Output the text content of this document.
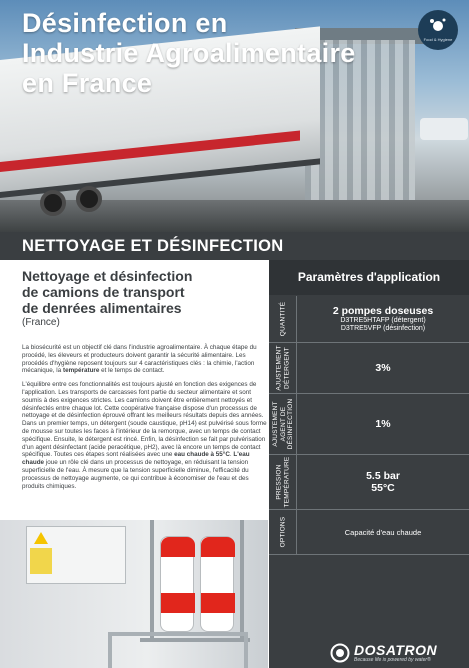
Désinfection en
Industrie Agroalimentaire
en France
Food & Hygiene
NETTOYAGE ET DÉSINFECTION
Nettoyage et désinfection
de camions de transport
de denrées alimentaires
(France)

La biosécurité est un objectif clé dans l'industrie agroalimentaire. À chaque étape du procédé, les éleveurs et producteurs doivent garantir la sécurité alimentaire. Les procédés d'hygiène reposent toujours sur 4 caractéristiques clés : la chimie, l'action mécanique, la température et le temps de contact.

L'équilibre entre ces fonctionnalités est toujours ajusté en fonction des exigences de l'application. Les transports de carcasses font partie du secteur alimentaire et sont soumis à des exigences strictes. Les camions doivent être entièrement nettoyés et désinfectés entre chaque lot. Cette coopérative française dispose d'un processus de nettoyage et de désinfection éprouvé offrant les meilleurs résultats depuis des années. Dans un premier temps, un détergent (soude caustique, pH14) est pulvérisé sous forme de mousse sur toutes les faces à l'intérieur de la remorque, avec un temps de contact spécifique. Ensuite, le détergent est rincé. Enfin, la désinfection se fait par pulvérisation d'un agent désinfectant (acide peracétique, pH2), avec là encore un temps de contact spécifique. Toutes ces étapes sont réalisées avec une eau chaude à 55°C. L'eau chaude joue un rôle clé dans un processus de nettoyage, en réduisant la tension superficielle de l'eau. À mesure que la tension superficielle diminue, l'efficacité du processus de nettoyage augmente, ce qui contribue à économiser de l'eau et des produits chimiques.

Paramètres d'application
QUANTITÉ	2 pompes doseuses
D3TRE5HTAFP (détergent)
D3TRE5VFP (désinfection)
AJUSTEMENT DÉTERGENT	3%
AJUSTEMENT AGENT DE DÉSINFECTION	1%
PRESSION TEMPÉRATURE	5.5 bar
55°C
OPTIONS	Capacité d'eau chaude
DOSATRON
Because life is powered by water®
